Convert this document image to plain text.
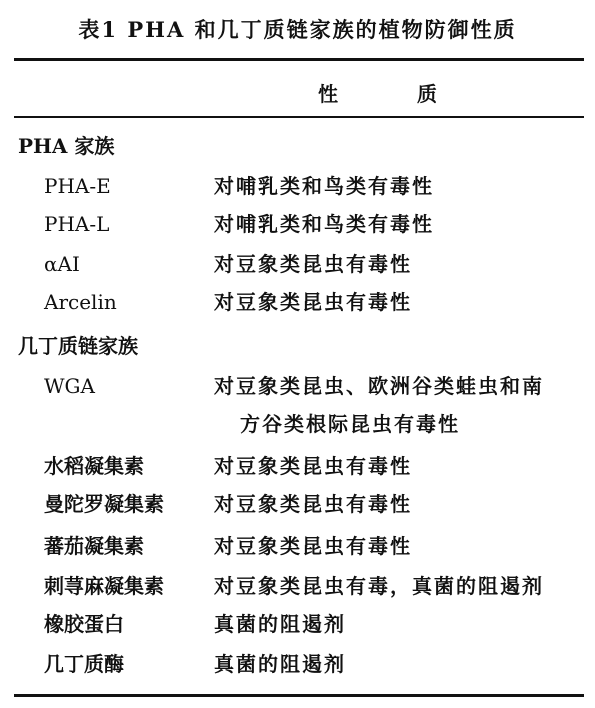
表1 PHA 和几丁质链家族的植物防御性质
性 质
PHA 家族
PHA-E	对哺乳类和鸟类有毒性
PHA-L	对哺乳类和鸟类有毒性
αAI	对豆象类昆虫有毒性
Arcelin	对豆象类昆虫有毒性
几丁质链家族
WGA	对豆象类昆虫、欧洲谷类蛙虫和南
方谷类根际昆虫有毒性
水稻凝集素	对豆象类昆虫有毒性
曼陀罗凝集素	对豆象类昆虫有毒性
蕃茄凝集素	对豆象类昆虫有毒性
刺荨麻凝集素	对豆象类昆虫有毒，真菌的阻遏剂
橡胶蛋白	真菌的阻遏剂
几丁质酶	真菌的阻遏剂
